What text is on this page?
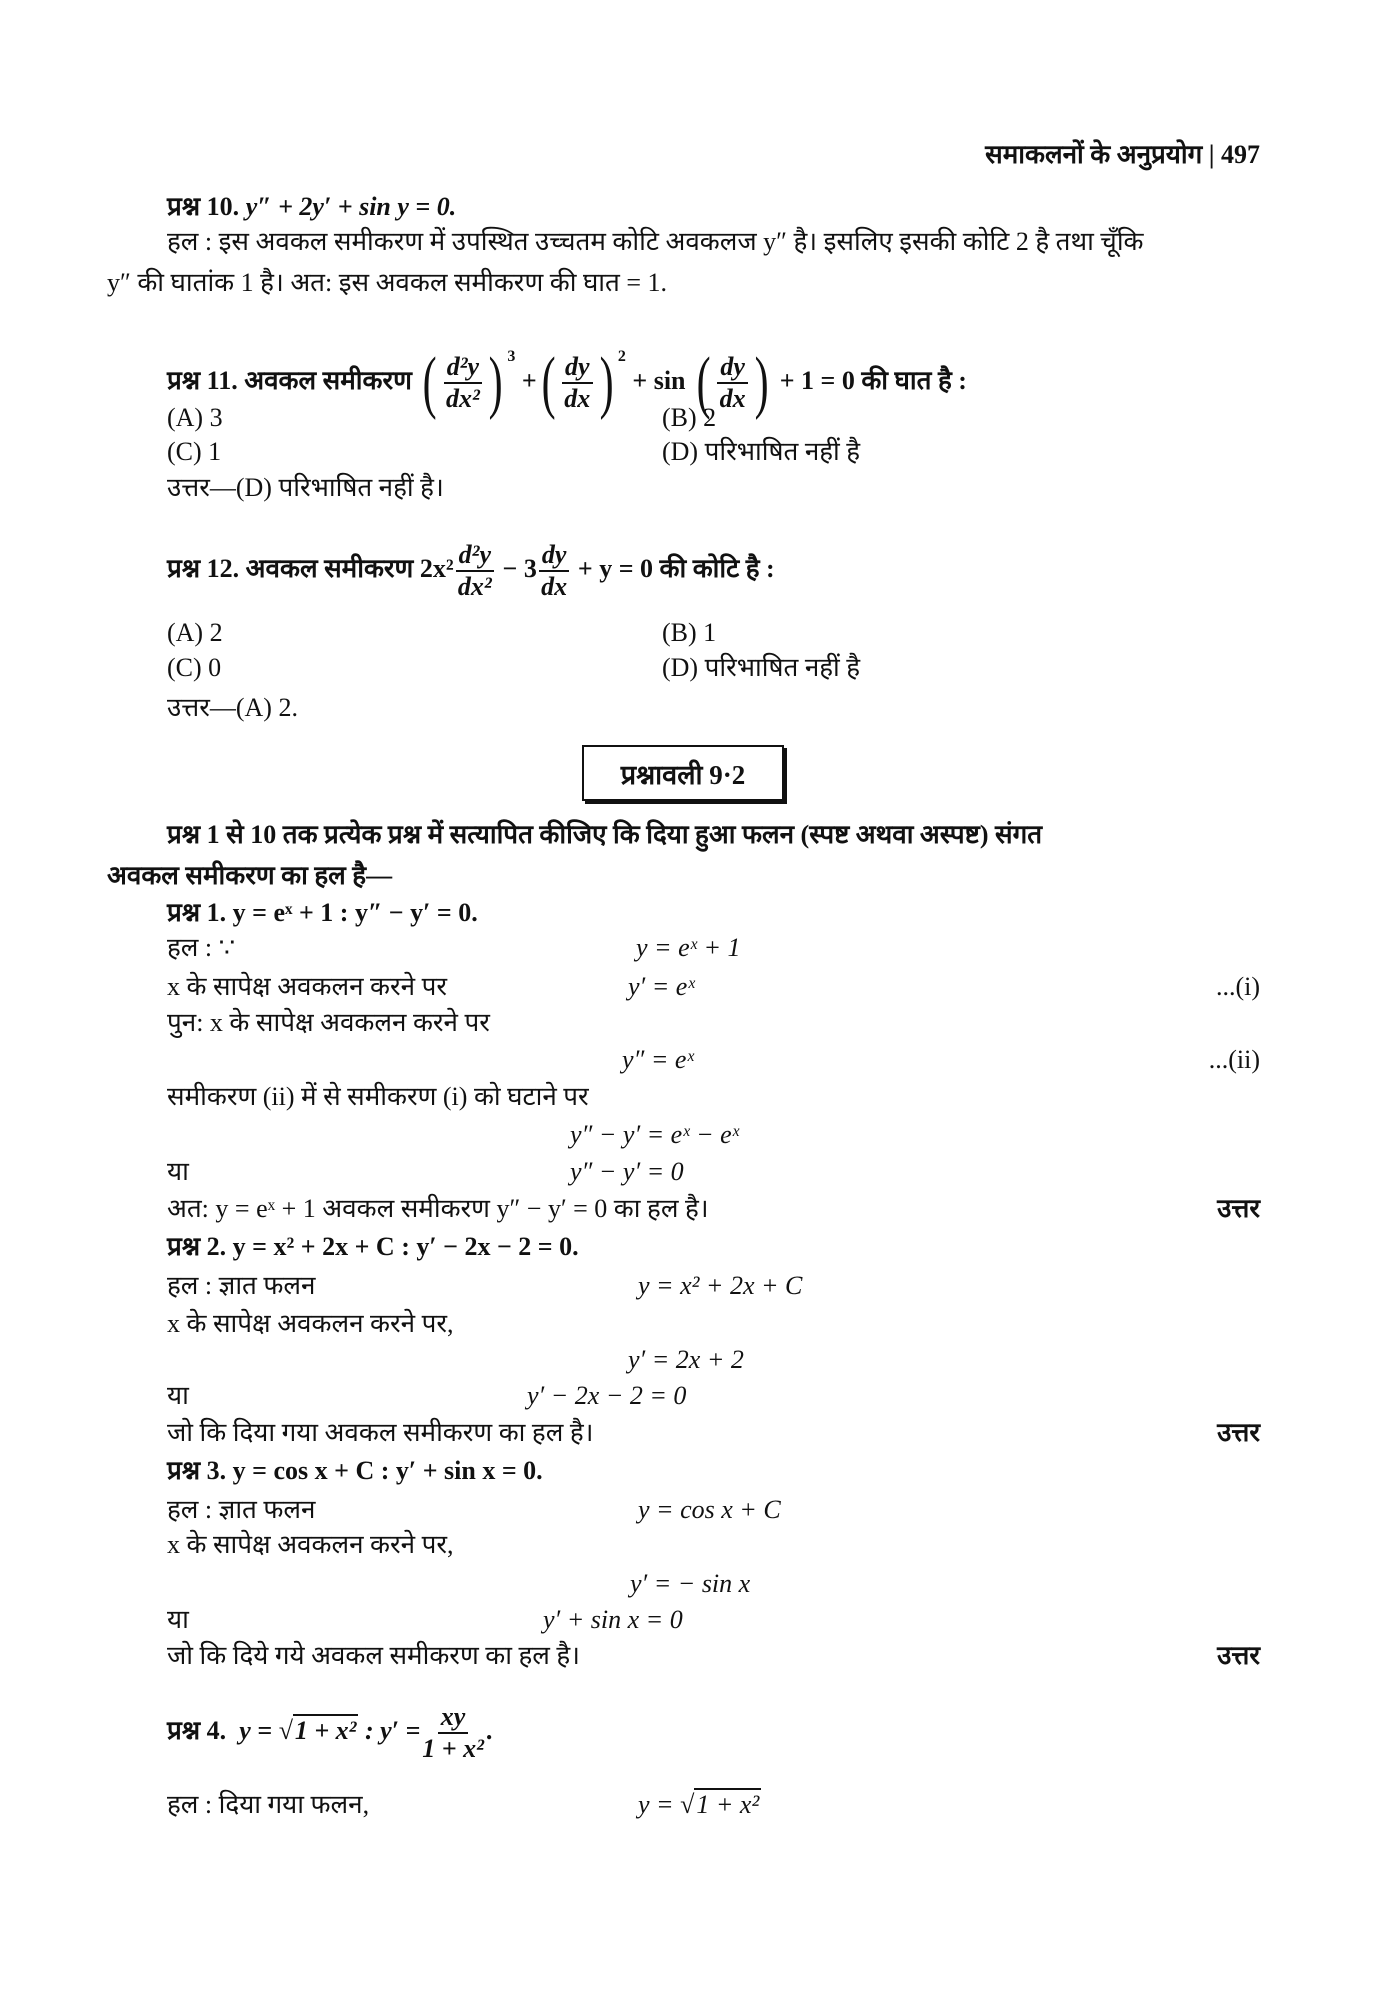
समाकलनों के अनुप्रयोग | 497
प्रश्न 10. y″ + 2y′ + sin y = 0.
हल : इस अवकल समीकरण में उपस्थित उच्चतम कोटि अवकलज y″ है। इसलिए इसकी कोटि 2 है तथा चूँकि
y″ की घातांक 1 है। अत: इस अवकल समीकरण की घात = 1.
प्रश्न 11. अवकल समीकरण ( $\frac{\text{d²y}}{\text{dx²}}$ ) $^3$ + ( $\frac{dy}{dx}$ ) $^2$ + sin ( $\frac{dy}{dx}$ ) + 1 = 0 की घात है :
(A) 3	(B) 2
(C) 1	(D) परिभाषित नहीं है
उत्तर—(D) परिभाषित नहीं है।
प्रश्न 12. अवकल समीकरण $2x^2 \frac{\text{d²y}}{\text{dx²}} - 3 \frac{dy}{dx} + y = 0$ की कोटि है :
(A) 2	(B) 1
(C) 0	(D) परिभाषित नहीं है
उत्तर—(A) 2.
प्रश्नावली 9·2
प्रश्न 1 से 10 तक प्रत्येक प्रश्न में सत्यापित कीजिए कि दिया हुआ फलन (स्पष्ट अथवा अस्पष्ट) संगत
अवकल समीकरण का हल है—
प्रश्न 1. y = eˣ + 1 : y″ − y′ = 0.
हल : ∵	y = eˣ + 1
x के सापेक्ष अवकलन करने पर	y′ = eˣ	...(i)
पुन: x के सापेक्ष अवकलन करने पर
y″ = eˣ	...(ii)
समीकरण (ii) में से समीकरण (i) को घटाने पर
y″ − y′ = eˣ − eˣ
या	y″ − y′ = 0
अत: y = eˣ + 1 अवकल समीकरण y″ − y′ = 0 का हल है।	उत्तर
प्रश्न 2. y = x² + 2x + C : y′ − 2x − 2 = 0.
हल : ज्ञात फलन	y = x² + 2x + C
x के सापेक्ष अवकलन करने पर,
y′ = 2x + 2
या	y′ − 2x − 2 = 0
जो कि दिया गया अवकल समीकरण का हल है।	उत्तर
प्रश्न 3. y = cos x + C : y′ + sin x = 0.
हल : ज्ञात फलन	y = cos x + C
x के सापेक्ष अवकलन करने पर,
y′ = − sin x
या	y′ + sin x = 0
जो कि दिये गये अवकल समीकरण का हल है।	उत्तर
प्रश्न 4. y = √1 + x² : $y' = \frac{xy}{\text{1 + x²}}$ .
हल : दिया गया फलन,	y = √1 + x²
